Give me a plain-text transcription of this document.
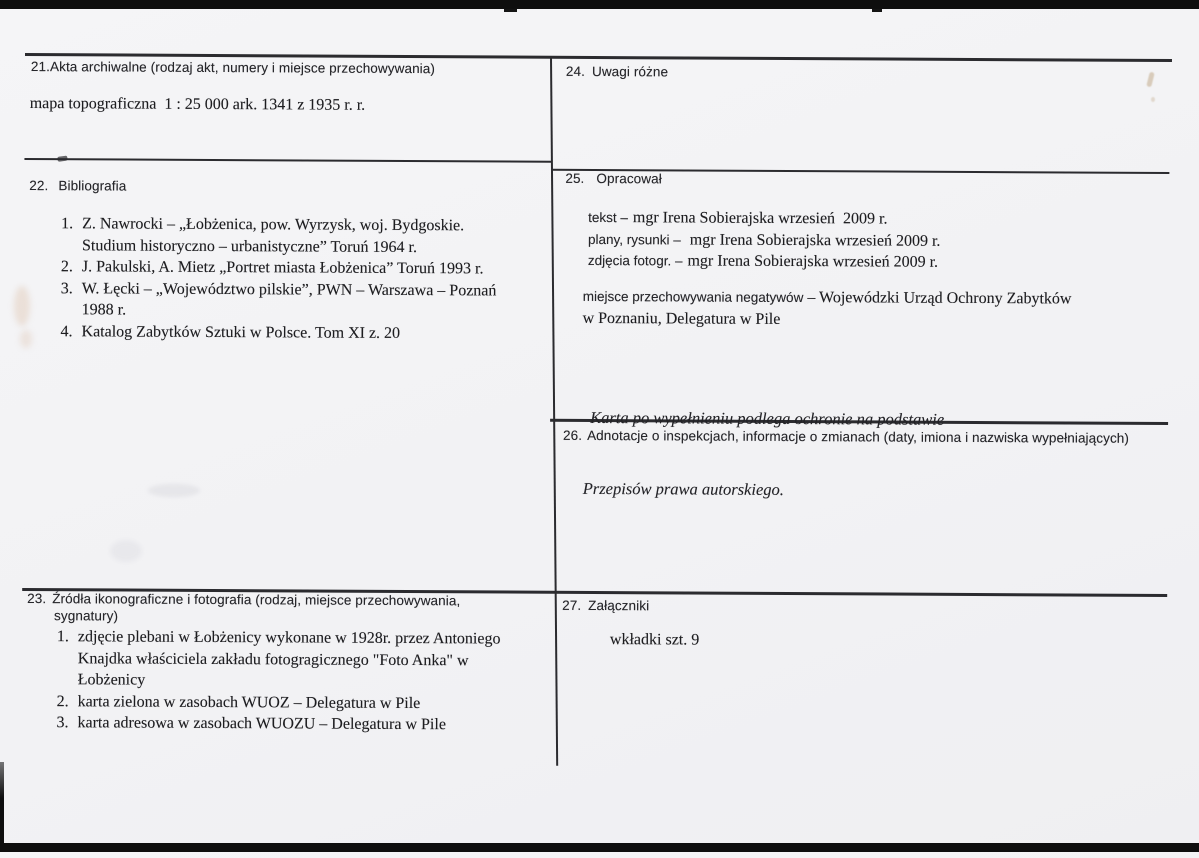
21.Akta archiwalne (rodzaj akt, numery i miejsce przechowywania)
mapa topograficzna  1 : 25 000 ark. 1341 z 1935 r. r.
22. Bibliografia
1. Z. Nawrocki – „Łobżenica, pow. Wyrzysk, woj. Bydgoskie.
Studium historyczno – urbanistyczne” Toruń 1964 r.
2. J. Pakulski, A. Mietz „Portret miasta Łobżenica” Toruń 1993 r.
3. W. Łęcki – „Województwo pilskie”, PWN – Warszawa – Poznań
1988 r.
4. Katalog Zabytków Sztuki w Polsce. Tom XI z. 20
23. Źródła ikonograficzne i fotografia (rodzaj, miejsce przechowywania,
sygnatury)
1. zdjęcie plebani w Łobżenicy wykonane w 1928r. przez Antoniego
Knajdka właściciela zakładu fotogragicznego "Foto Anka" w
Łobżenicy
2. karta zielona w zasobach WUOZ – Delegatura w Pile
3. karta adresowa w zasobach WUOZU – Delegatura w Pile
24. Uwagi różne
25. Opracował
tekst – mgr Irena Sobierajska wrzesień  2009 r.
plany, rysunki – mgr Irena Sobierajska wrzesień 2009 r.
zdjęcia fotogr. – mgr Irena Sobierajska wrzesień 2009 r.
miejsce przechowywania negatywów – Wojewódzki Urząd Ochrony Zabytków
w Poznaniu, Delegatura w Pile

Karta po wypełnieniu podlega ochronie na podstawie

Przepisów prawa autorskiego.

26. Adnotacje o inspekcjach, informacje o zmianach (daty, imiona i nazwiska wypełniających)
27. Załączniki
wkładki szt. 9
